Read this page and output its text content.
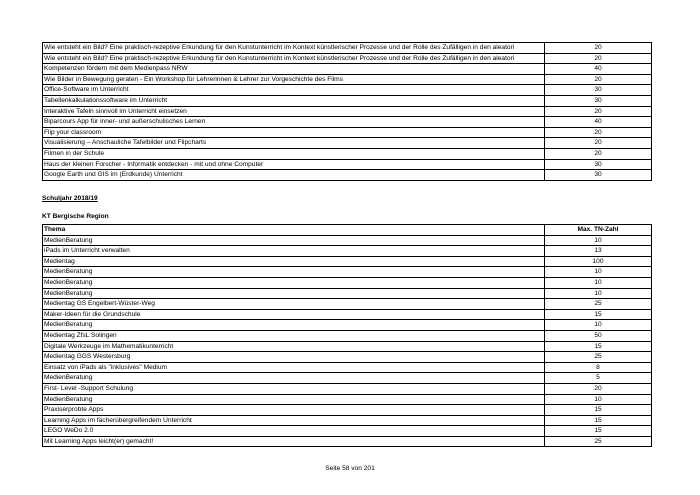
Wie entsteht ein Bild? Eine praktisch-rezeptive Erkundung für den Kunstunterricht im Kontext künstlerischer Prozesse und der Rolle des Zufälligen in den aleatori	20
Wie entsteht ein Bild? Eine praktisch-rezeptive Erkundung für den Kunstunterricht im Kontext künstlerischer Prozesse und der Rolle des Zufälligen in den aleatori	20
Kompetenzen fördern mit dem Medienpass NRW	40
Wie Bilder in Bewegung geraten - Ein Workshop für Lehrerinnen & Lehrer zur Vorgeschichte des Films	20
Office-Software im Unterricht	30
Tabellenkalkulationssoftware im Unterricht	30
Interaktive Tafeln sinnvoll im Unterricht einsetzen	20
Biparcours App für inner- und außerschulisches Lernen	40
Flip your classroom	20
Visualisierung – Anschauliche Tafelbilder und Flipcharts	20
Filmen in der Schule	20
Haus der kleinen Forscher - Informatik entdecken - mit und ohne Computer	30
Google Earth und GIS im (Erdkunde) Unterricht	30
Schuljahr 2018/19
KT Bergische Region
Thema	Max. TN-Zahl
MedienBeratung	10
iPads im Unterricht verwalten	13
Medientag	100
MedienBeratung	10
MedienBeratung	10
MedienBeratung	10
Medientag GS Engelbert-Wüster-Weg	25
Maker-Ideen für die Grundschule	15
MedienBeratung	10
Medientag ZfsL Solingen	50
Digitale Werkzeuge im Mathematikunterricht	15
Medientag GGS Westersburg	25
Einsatz von iPads als "inklusives" Medium	8
MedienBeratung	5
First- Level -Support Schulung	20
MedienBeratung	10
Praxiserprobte Apps	15
Learning Apps im fächerübergreifendem Unterricht	15
LEGO WeDo 2.0	15
Mit Learning Apps leicht(er) gemacht!	25
Seite 58 von 201
